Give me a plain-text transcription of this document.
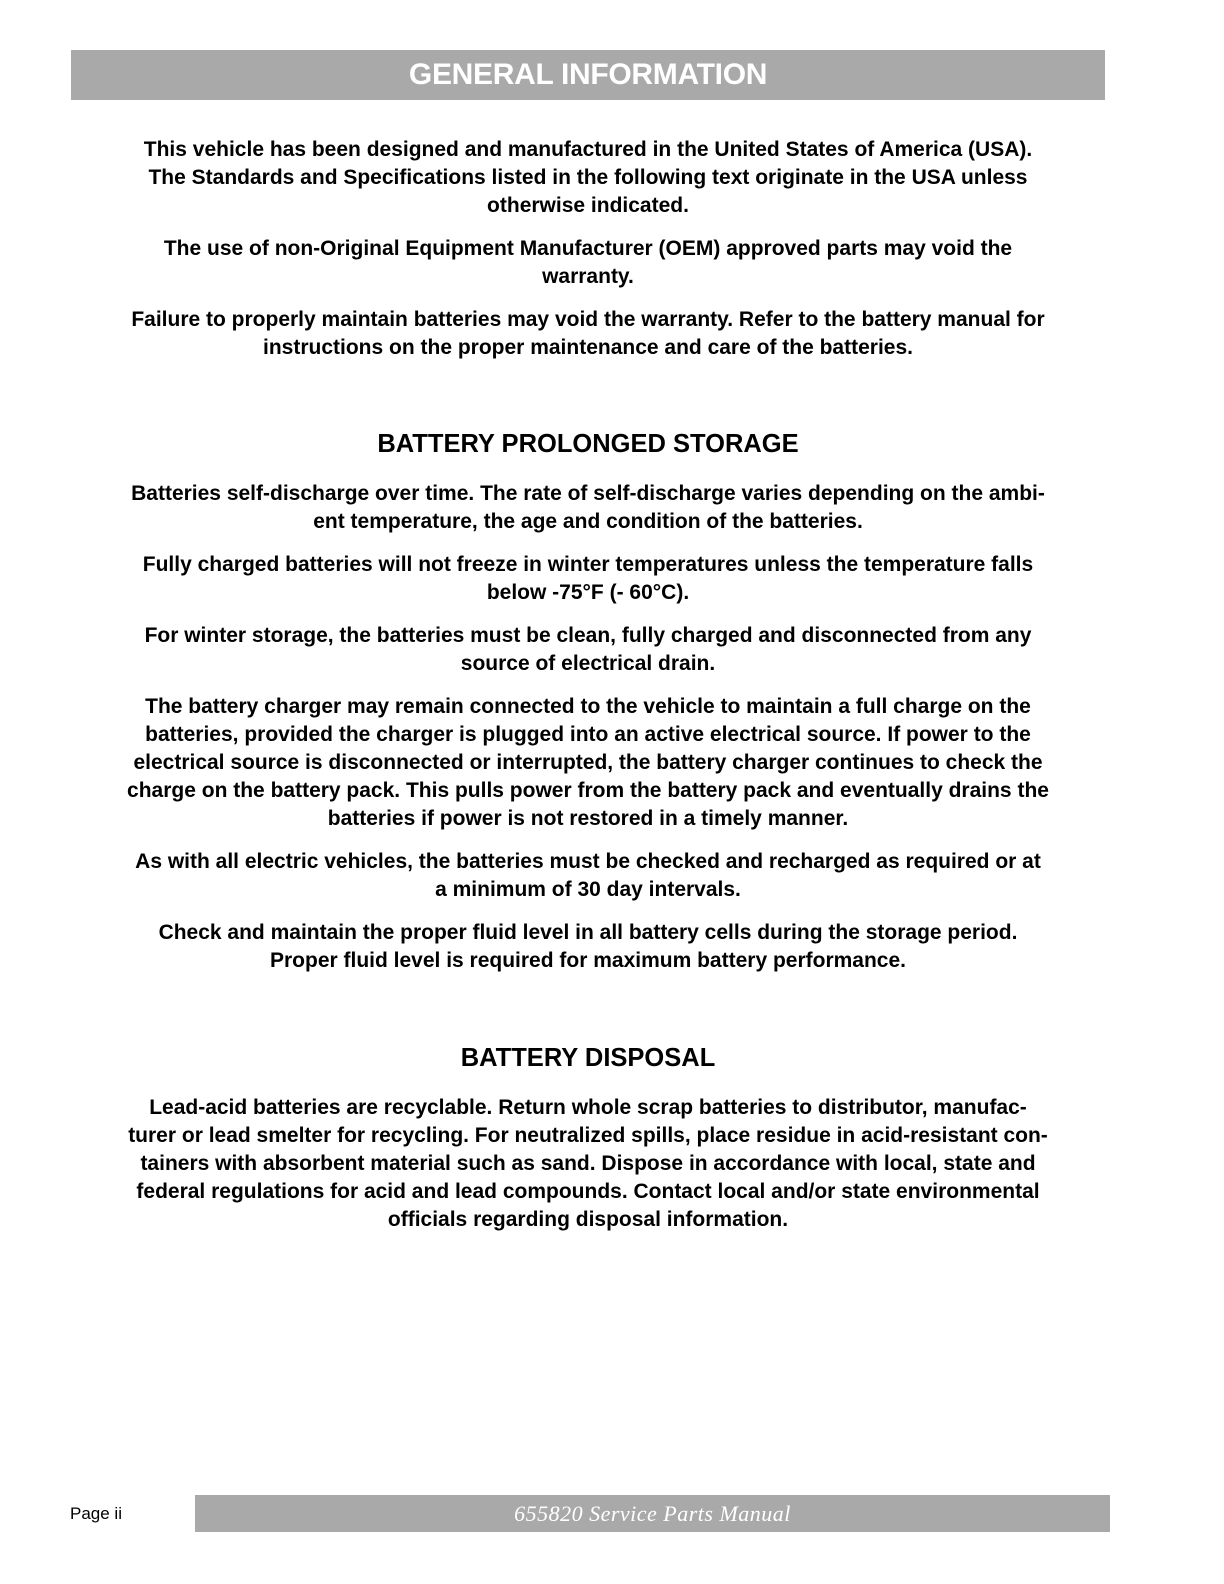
GENERAL INFORMATION

This vehicle has been designed and manufactured in the United States of America (USA).
The Standards and Specifications listed in the following text originate in the USA unless
otherwise indicated.

The use of non-Original Equipment Manufacturer (OEM) approved parts may void the
warranty.

Failure to properly maintain batteries may void the warranty. Refer to the battery manual for
instructions on the proper maintenance and care of the batteries.

BATTERY PROLONGED STORAGE

Batteries self-discharge over time. The rate of self-discharge varies depending on the ambi-
ent temperature, the age and condition of the batteries.

Fully charged batteries will not freeze in winter temperatures unless the temperature falls
below -75°F (- 60°C).

For winter storage, the batteries must be clean, fully charged and disconnected from any
source of electrical drain.

The battery charger may remain connected to the vehicle to maintain a full charge on the
batteries, provided the charger is plugged into an active electrical source. If power to the
electrical source is disconnected or interrupted, the battery charger continues to check the
charge on the battery pack. This pulls power from the battery pack and eventually drains the
batteries if power is not restored in a timely manner.

As with all electric vehicles, the batteries must be checked and recharged as required or at
a minimum of 30 day intervals.

Check and maintain the proper fluid level in all battery cells during the storage period.
Proper fluid level is required for maximum battery performance.

BATTERY DISPOSAL

Lead-acid batteries are recyclable. Return whole scrap batteries to distributor, manufac-
turer or lead smelter for recycling. For neutralized spills, place residue in acid-resistant con-
tainers with absorbent material such as sand. Dispose in accordance with local, state and
federal regulations for acid and lead compounds. Contact local and/or state environmental
officials regarding disposal information.

Page ii	655820 Service Parts Manual
